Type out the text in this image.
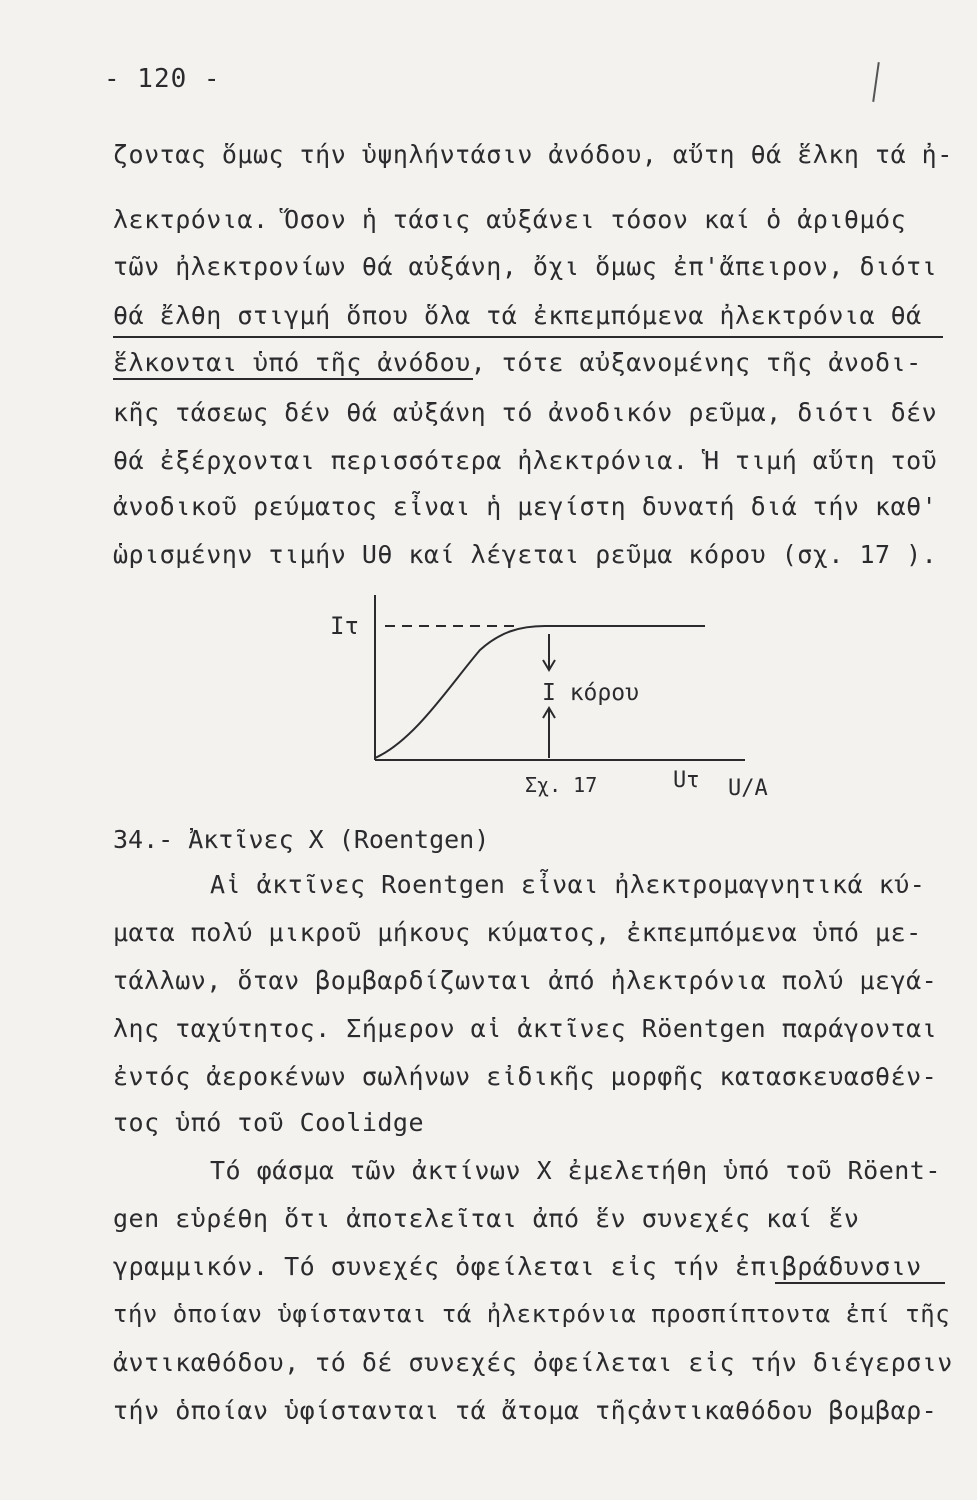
- 120 -
ζοντας ὅμως τήν ὑψηλήντάσιν ἀνόδου, αὔτη θά ἕλκη τά ἠ-
λεκτρόνια. Ὅσον ἡ τάσις αὐξάνει τόσον καί ὁ ἀριθμός
τῶν ἠλεκτρονίων θά αὐξάνη, ὄχι ὅμως ἐπ'ἄπειρον, διότι
θά ἔλθη στιγμή ὅπου ὅλα τά ἐκπεμπόμενα ἠλεκτρόνια θά
ἕλκονται ὑπό τῆς ἀνόδου, τότε αὐξανομένης τῆς ἀνοδι-
κῆς τάσεως δέν θά αὐξάνη τό ἀνοδικόν ρεῦμα, διότι δέν
θά ἐξέρχονται περισσότερα ἠλεκτρόνια. Ἡ τιμή αὕτη τοῦ
ἀνοδικοῦ ρεύματος εἶναι ἡ μεγίστη δυνατή διά τήν καθ'
ὡρισμένην τιμήν Uθ καί λέγεται ρεῦμα κόρου (σχ. 17 ).
Iτ
I κόρου
Σχ. 17	Uτ U/A
34.- Ἀκτῖνες X (Roentgen)
Αἱ ἀκτῖνες Roentgen εἶναι ἠλεκτρομαγνητικά κύ-
ματα πολύ μικροῦ μήκους κύματος, ἐκπεμπόμενα ὑπό με-
τάλλων, ὅταν βομβαρδίζωνται ἀπό ἠλεκτρόνια πολύ μεγά-
λης ταχύτητος. Σήμερον αἱ ἀκτῖνες Röentgen παράγονται
ἐντός ἀεροκένων σωλήνων εἰδικῆς μορφῆς κατασκευασθέν-
τος ὑπό τοῦ Coolidge
Τό φάσμα τῶν ἀκτίνων X ἐμελετήθη ὑπό τοῦ Röent-
gen εὑρέθη ὅτι ἀποτελεῖται ἀπό ἕν συνεχές καί ἕν
γραμμικόν. Τό συνεχές ὀφείλεται εἰς τήν ἐπιβράδυνσιν
τήν ὁποίαν ὑφίστανται τά ἠλεκτρόνια προσπίπτοντα ἐπί τῆς
ἀντικαθόδου, τό δέ συνεχές ὀφείλεται εἰς τήν διέγερσιν
τήν ὁποίαν ὑφίστανται τά ἄτομα τῆςἀντικαθόδου βομβαρ-
